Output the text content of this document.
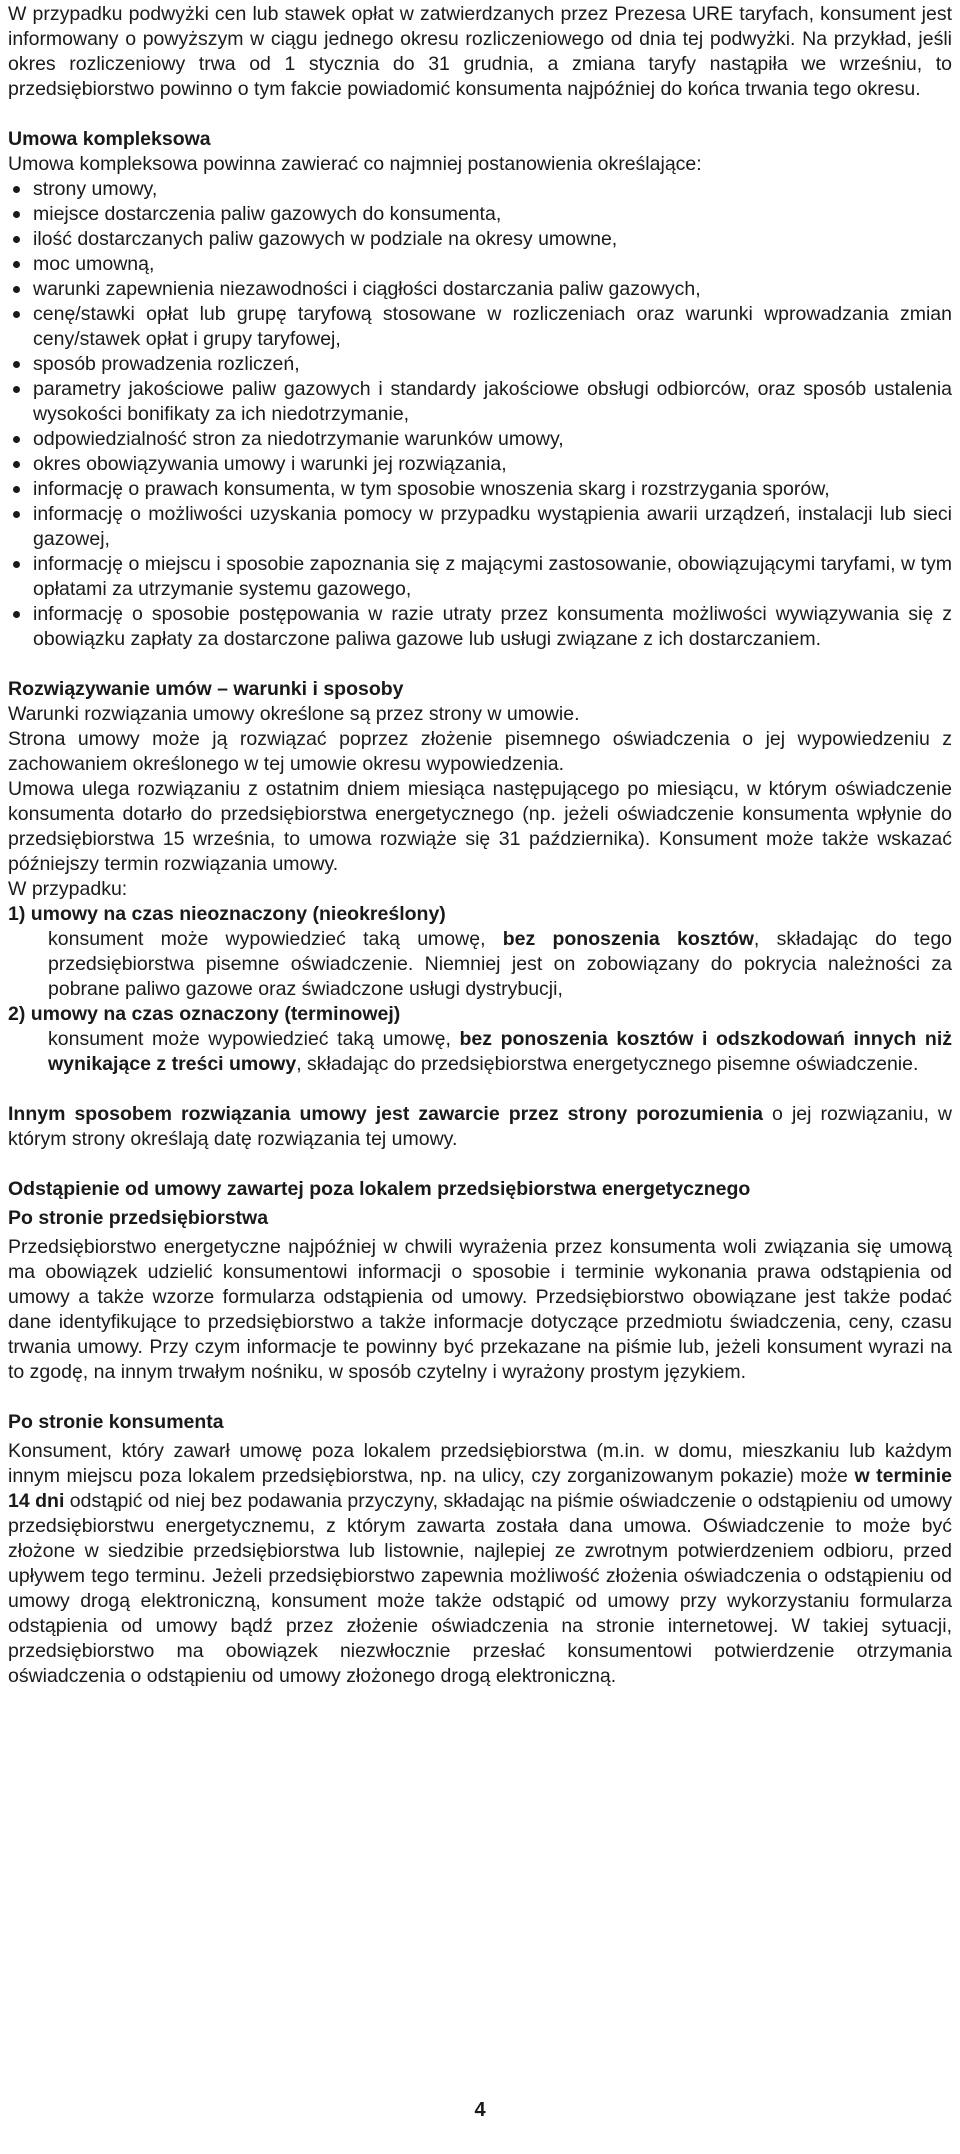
W przypadku podwyżki cen lub stawek opłat w zatwierdzanych przez Prezesa URE taryfach, konsument jest informowany o powyższym w ciągu jednego okresu rozliczeniowego od dnia tej podwyżki. Na przykład, jeśli okres rozliczeniowy trwa od 1 stycznia do 31 grudnia, a zmiana taryfy nastąpiła we wrześniu, to przedsiębiorstwo powinno o tym fakcie powiadomić konsumenta najpóźniej do końca trwania tego okresu.

Umowa kompleksowa

Umowa kompleksowa powinna zawierać co najmniej postanowienia określające:

strony umowy,
miejsce dostarczenia paliw gazowych do konsumenta,
ilość dostarczanych paliw gazowych w podziale na okresy umowne,
moc umowną,
warunki zapewnienia niezawodności i ciągłości dostarczania paliw gazowych,
cenę/stawki opłat lub grupę taryfową stosowane w rozliczeniach oraz warunki wprowadzania zmian ceny/stawek opłat i grupy taryfowej,
sposób prowadzenia rozliczeń,
parametry jakościowe paliw gazowych i standardy jakościowe obsługi odbiorców, oraz sposób ustalenia wysokości bonifikaty za ich niedotrzymanie,
odpowiedzialność stron za niedotrzymanie warunków umowy,
okres obowiązywania umowy i warunki jej rozwiązania,
informację o prawach konsumenta, w tym sposobie wnoszenia skarg i rozstrzygania sporów,
informację o możliwości uzyskania pomocy w przypadku wystąpienia awarii urządzeń, instalacji lub sieci gazowej,
informację o miejscu i sposobie zapoznania się z mającymi zastosowanie, obowiązującymi taryfami, w tym opłatami za utrzymanie systemu gazowego,
informację o sposobie postępowania w razie utraty przez konsumenta możliwości wywiązywania się z obowiązku zapłaty za dostarczone paliwa gazowe lub usługi związane z ich dostarczaniem.
Rozwiązywanie umów – warunki i sposoby

Warunki rozwiązania umowy określone są przez strony w umowie.

Strona umowy może ją rozwiązać poprzez złożenie pisemnego oświadczenia o jej wypowiedzeniu z zachowaniem określonego w tej umowie okresu wypowiedzenia.

Umowa ulega rozwiązaniu z ostatnim dniem miesiąca następującego po miesiącu, w którym oświadczenie konsumenta dotarło do przedsiębiorstwa energetycznego (np. jeżeli oświadczenie konsumenta wpłynie do przedsiębiorstwa 15 września, to umowa rozwiąże się 31 października). Konsument może także wskazać późniejszy termin rozwiązania umowy.

W przypadku:

1) umowy na czas nieoznaczony (nieokreślony)

konsument może wypowiedzieć taką umowę, bez ponoszenia kosztów, składając do tego przedsiębiorstwa pisemne oświadczenie. Niemniej jest on zobowiązany do pokrycia należności za pobrane paliwo gazowe oraz świadczone usługi dystrybucji,

2) umowy na czas oznaczony (terminowej)

konsument może wypowiedzieć taką umowę, bez ponoszenia kosztów i odszkodowań innych niż wynikające z treści umowy, składając do przedsiębiorstwa energetycznego pisemne oświadczenie.

Innym sposobem rozwiązania umowy jest zawarcie przez strony porozumienia o jej rozwiązaniu, w którym strony określają datę rozwiązania tej umowy.

Odstąpienie od umowy zawartej poza lokalem przedsiębiorstwa energetycznego
Po stronie przedsiębiorstwa

Przedsiębiorstwo energetyczne najpóźniej w chwili wyrażenia przez konsumenta woli związania się umową ma obowiązek udzielić konsumentowi informacji o sposobie i terminie wykonania prawa odstąpienia od umowy a także wzorze formularza odstąpienia od umowy. Przedsiębiorstwo obowiązane jest także podać dane identyfikujące to przedsiębiorstwo a także informacje dotyczące przedmiotu świadczenia, ceny, czasu trwania umowy. Przy czym informacje te powinny być przekazane na piśmie lub, jeżeli konsument wyrazi na to zgodę, na innym trwałym nośniku, w sposób czytelny i wyrażony prostym językiem.

Po stronie konsumenta

Konsument, który zawarł umowę poza lokalem przedsiębiorstwa (m.in. w domu, mieszkaniu lub każdym innym miejscu poza lokalem przedsiębiorstwa, np. na ulicy, czy zorganizowanym pokazie) może w terminie 14 dni odstąpić od niej bez podawania przyczyny, składając na piśmie oświadczenie o odstąpieniu od umowy przedsiębiorstwu energetycznemu, z którym zawarta została dana umowa. Oświadczenie to może być złożone w siedzibie przedsiębiorstwa lub listownie, najlepiej ze zwrotnym potwierdzeniem odbioru, przed upływem tego terminu. Jeżeli przedsiębiorstwo zapewnia możliwość złożenia oświadczenia o odstąpieniu od umowy drogą elektroniczną, konsument może także odstąpić od umowy przy wykorzystaniu formularza odstąpienia od umowy bądź przez złożenie oświadczenia na stronie internetowej. W takiej sytuacji, przedsiębiorstwo ma obowiązek niezwłocznie przesłać konsumentowi potwierdzenie otrzymania oświadczenia o odstąpieniu od umowy złożonego drogą elektroniczną.

4
